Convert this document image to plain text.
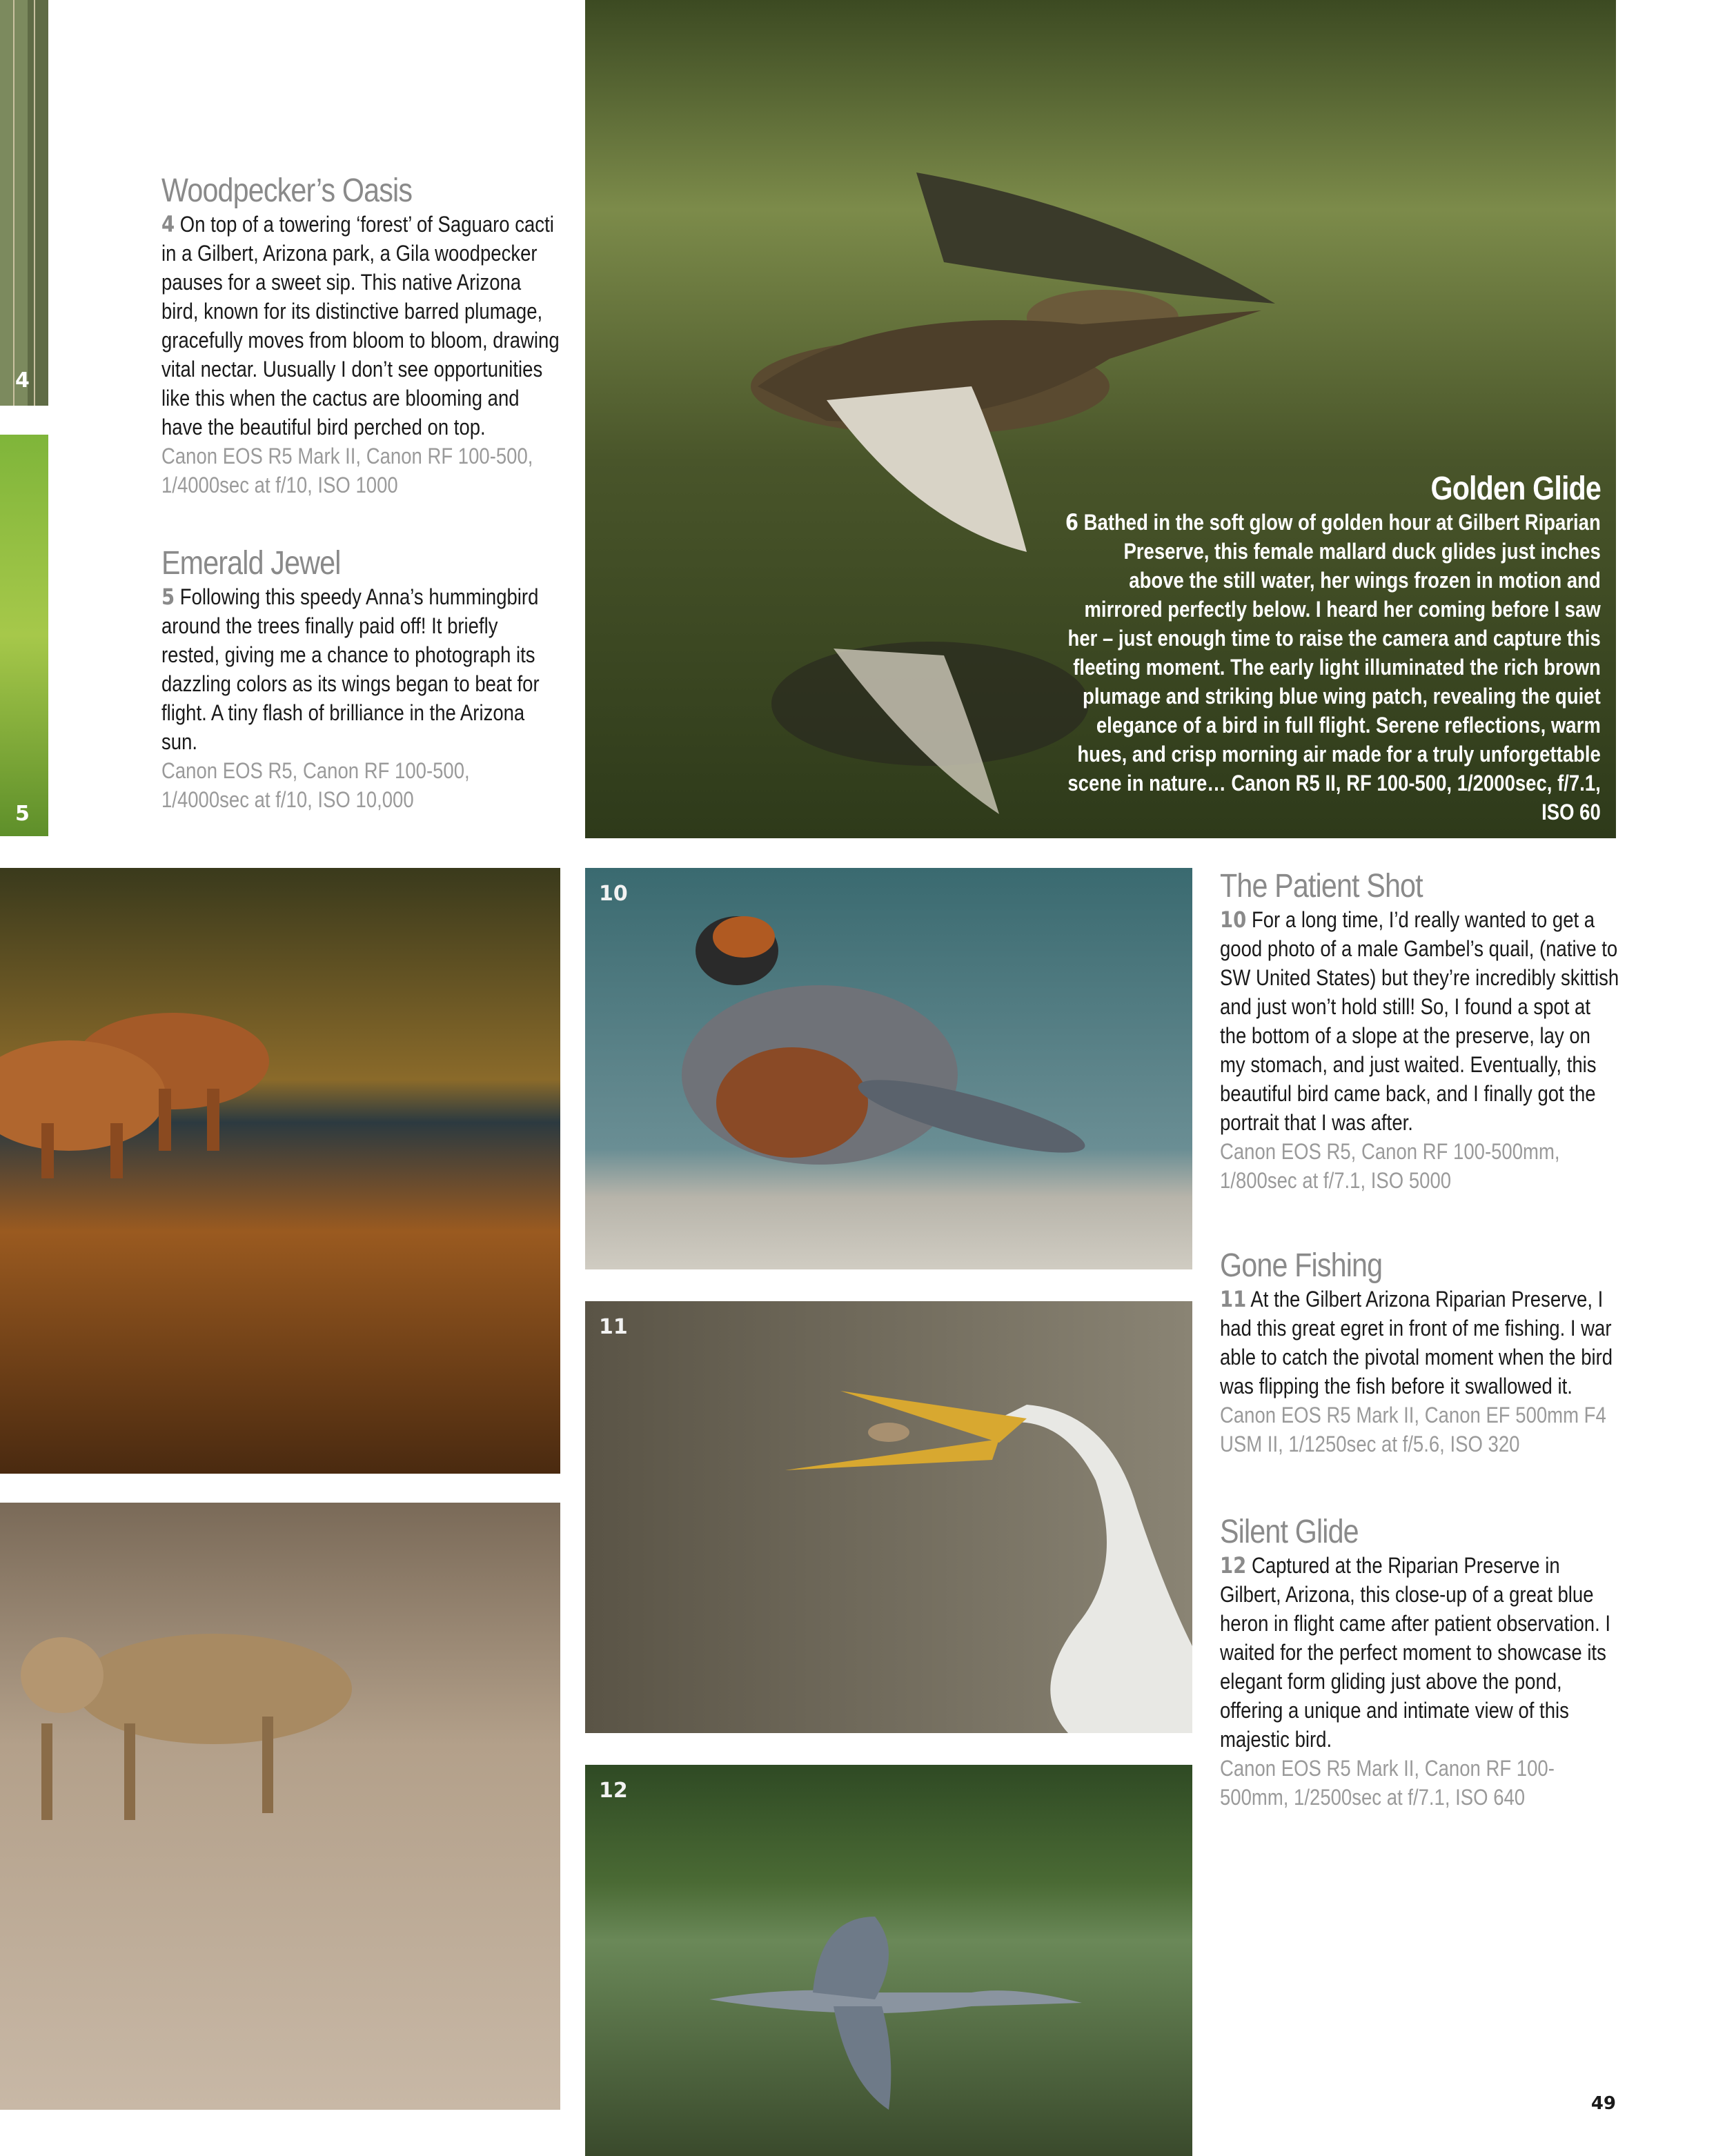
4
5

Golden Glide

6 Bathed in the soft glow of golden hour at Gilbert Riparian Preserve, this female mallard duck glides just inches above the still water, her wings frozen in motion and mirrored perfectly below. I heard her coming before I saw her – just enough time to raise the camera and capture this fleeting moment. The early light illuminated the rich brown plumage and striking blue wing patch, revealing the quiet elegance of a bird in full flight. Serene reflections, warm hues, and crisp morning air made for a truly unforgettable scene in nature… Canon R5 II, RF 100-500, 1/2000sec, f/7.1, ISO 60

Woodpecker’s Oasis

4 On top of a towering ‘forest’ of Saguaro cacti in a Gilbert, Arizona park, a Gila woodpecker pauses for a sweet sip. This native Arizona bird, known for its distinctive barred plumage, gracefully moves from bloom to bloom, drawing vital nectar. Uusually I don’t see opportunities like this when the cactus are blooming and have the beautiful bird perched on top.

Canon EOS R5 Mark II, Canon RF 100-500, 1/4000sec at f/10, ISO 1000

Emerald Jewel

5 Following this speedy Anna’s hummingbird around the trees finally paid off! It briefly rested, giving me a chance to photograph its dazzling colors as its wings began to beat for flight. A tiny flash of brilliance in the Arizona sun.

Canon EOS R5, Canon RF 100-500, 1/4000sec at f/10, ISO 10,000

10
11
12

The Patient Shot

10 For a long time, I’d really wanted to get a good photo of a male Gambel’s quail, (native to SW United States) but they’re incredibly skittish and just won’t hold still! So, I found a spot at the bottom of a slope at the preserve, lay on my stomach, and just waited. Eventually, this beautiful bird came back, and I finally got the portrait that I was after.

Canon EOS R5, Canon RF 100-500mm, 1/800sec at f/7.1, ISO 5000

Gone Fishing

11 At the Gilbert Arizona Riparian Preserve, I had this great egret in front of me fishing. I war able to catch the pivotal moment when the bird was flipping the fish before it swallowed it.

Canon EOS R5 Mark II, Canon EF 500mm F4 USM II, 1/1250sec at f/5.6, ISO 320

Silent Glide

12 Captured at the Riparian Preserve in Gilbert, Arizona, this close-up of a great blue heron in flight came after patient observation. I waited for the perfect moment to showcase its elegant form gliding just above the pond, offering a unique and intimate view of this majestic bird.

Canon EOS R5 Mark II, Canon RF 100-500mm, 1/2500sec at f/7.1, ISO 640

49
